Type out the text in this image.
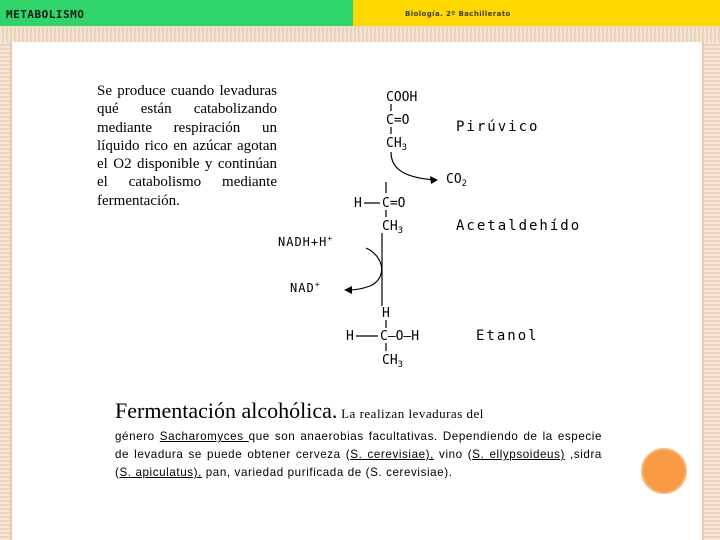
METABOLISMO	Biología. 2º Bachillerato

Se produce cuando levaduras qué están catabolizando mediante respiración un líquido rico en azúcar agotan el O2 disponible y continúan el catabolismo mediante fermentación.

COOH
C=O	Pirúvico
$CH_3$
$CO_2$
H C=O
$CH_3$	Acetaldehído
NADH+H+
NAD+
H
H C–O–H	Etanol
$CH_3$

Fermentación alcohólica. La realizan levaduras del

género Sacharomyces que son anaerobias facultativas. Dependiendo de la especie de levadura se puede obtener cerveza (S. cerevisiae), vino (S. ellypsoideus) ,sidra (S. apiculatus), pan, variedad purificada de (S. cerevisiae).
